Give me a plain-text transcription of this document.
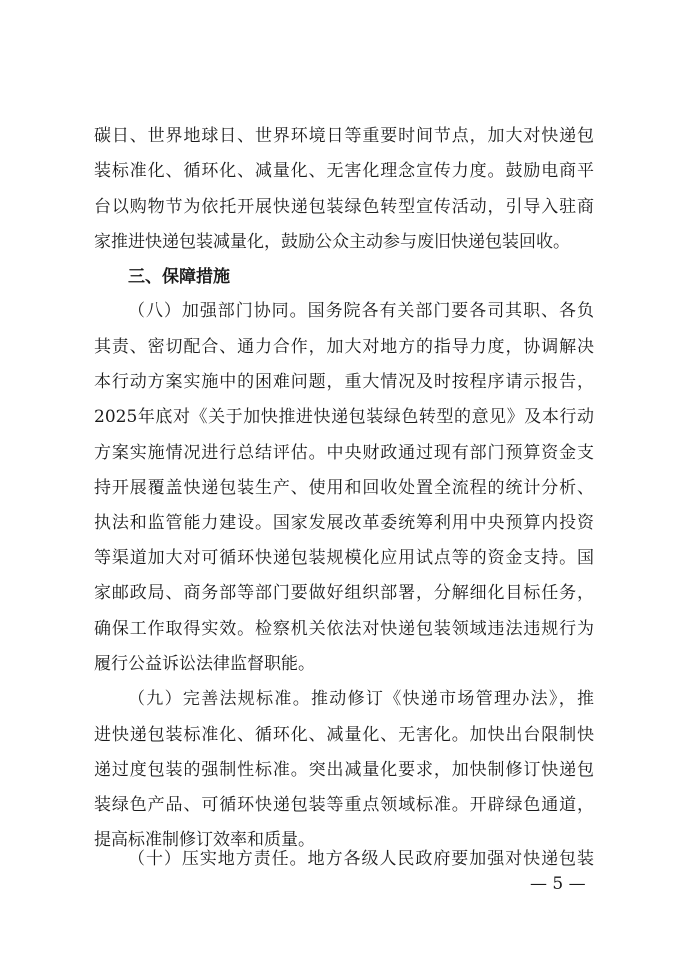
碳日、世界地球日、世界环境日等重要时间节点，加大对快递包
装标准化、循环化、减量化、无害化理念宣传力度。鼓励电商平
台以购物节为依托开展快递包装绿色转型宣传活动，引导入驻商
家推进快递包装减量化，鼓励公众主动参与废旧快递包装回收。
三、保障措施
（八）加强部门协同。国务院各有关部门要各司其职、各负
其责、密切配合、通力合作，加大对地方的指导力度，协调解决
本行动方案实施中的困难问题，重大情况及时按程序请示报告，
2025年底对《关于加快推进快递包装绿色转型的意见》及本行动
方案实施情况进行总结评估。中央财政通过现有部门预算资金支
持开展覆盖快递包装生产、使用和回收处置全流程的统计分析、
执法和监管能力建设。国家发展改革委统筹利用中央预算内投资
等渠道加大对可循环快递包装规模化应用试点等的资金支持。国
家邮政局、商务部等部门要做好组织部署，分解细化目标任务，
确保工作取得实效。检察机关依法对快递包装领域违法违规行为
履行公益诉讼法律监督职能。
（九）完善法规标准。推动修订《快递市场管理办法》，推
进快递包装标准化、循环化、减量化、无害化。加快出台限制快
递过度包装的强制性标准。突出减量化要求，加快制修订快递包
装绿色产品、可循环快递包装等重点领域标准。开辟绿色通道，
提高标准制修订效率和质量。
（十）压实地方责任。地方各级人民政府要加强对快递包装
— 5 —
